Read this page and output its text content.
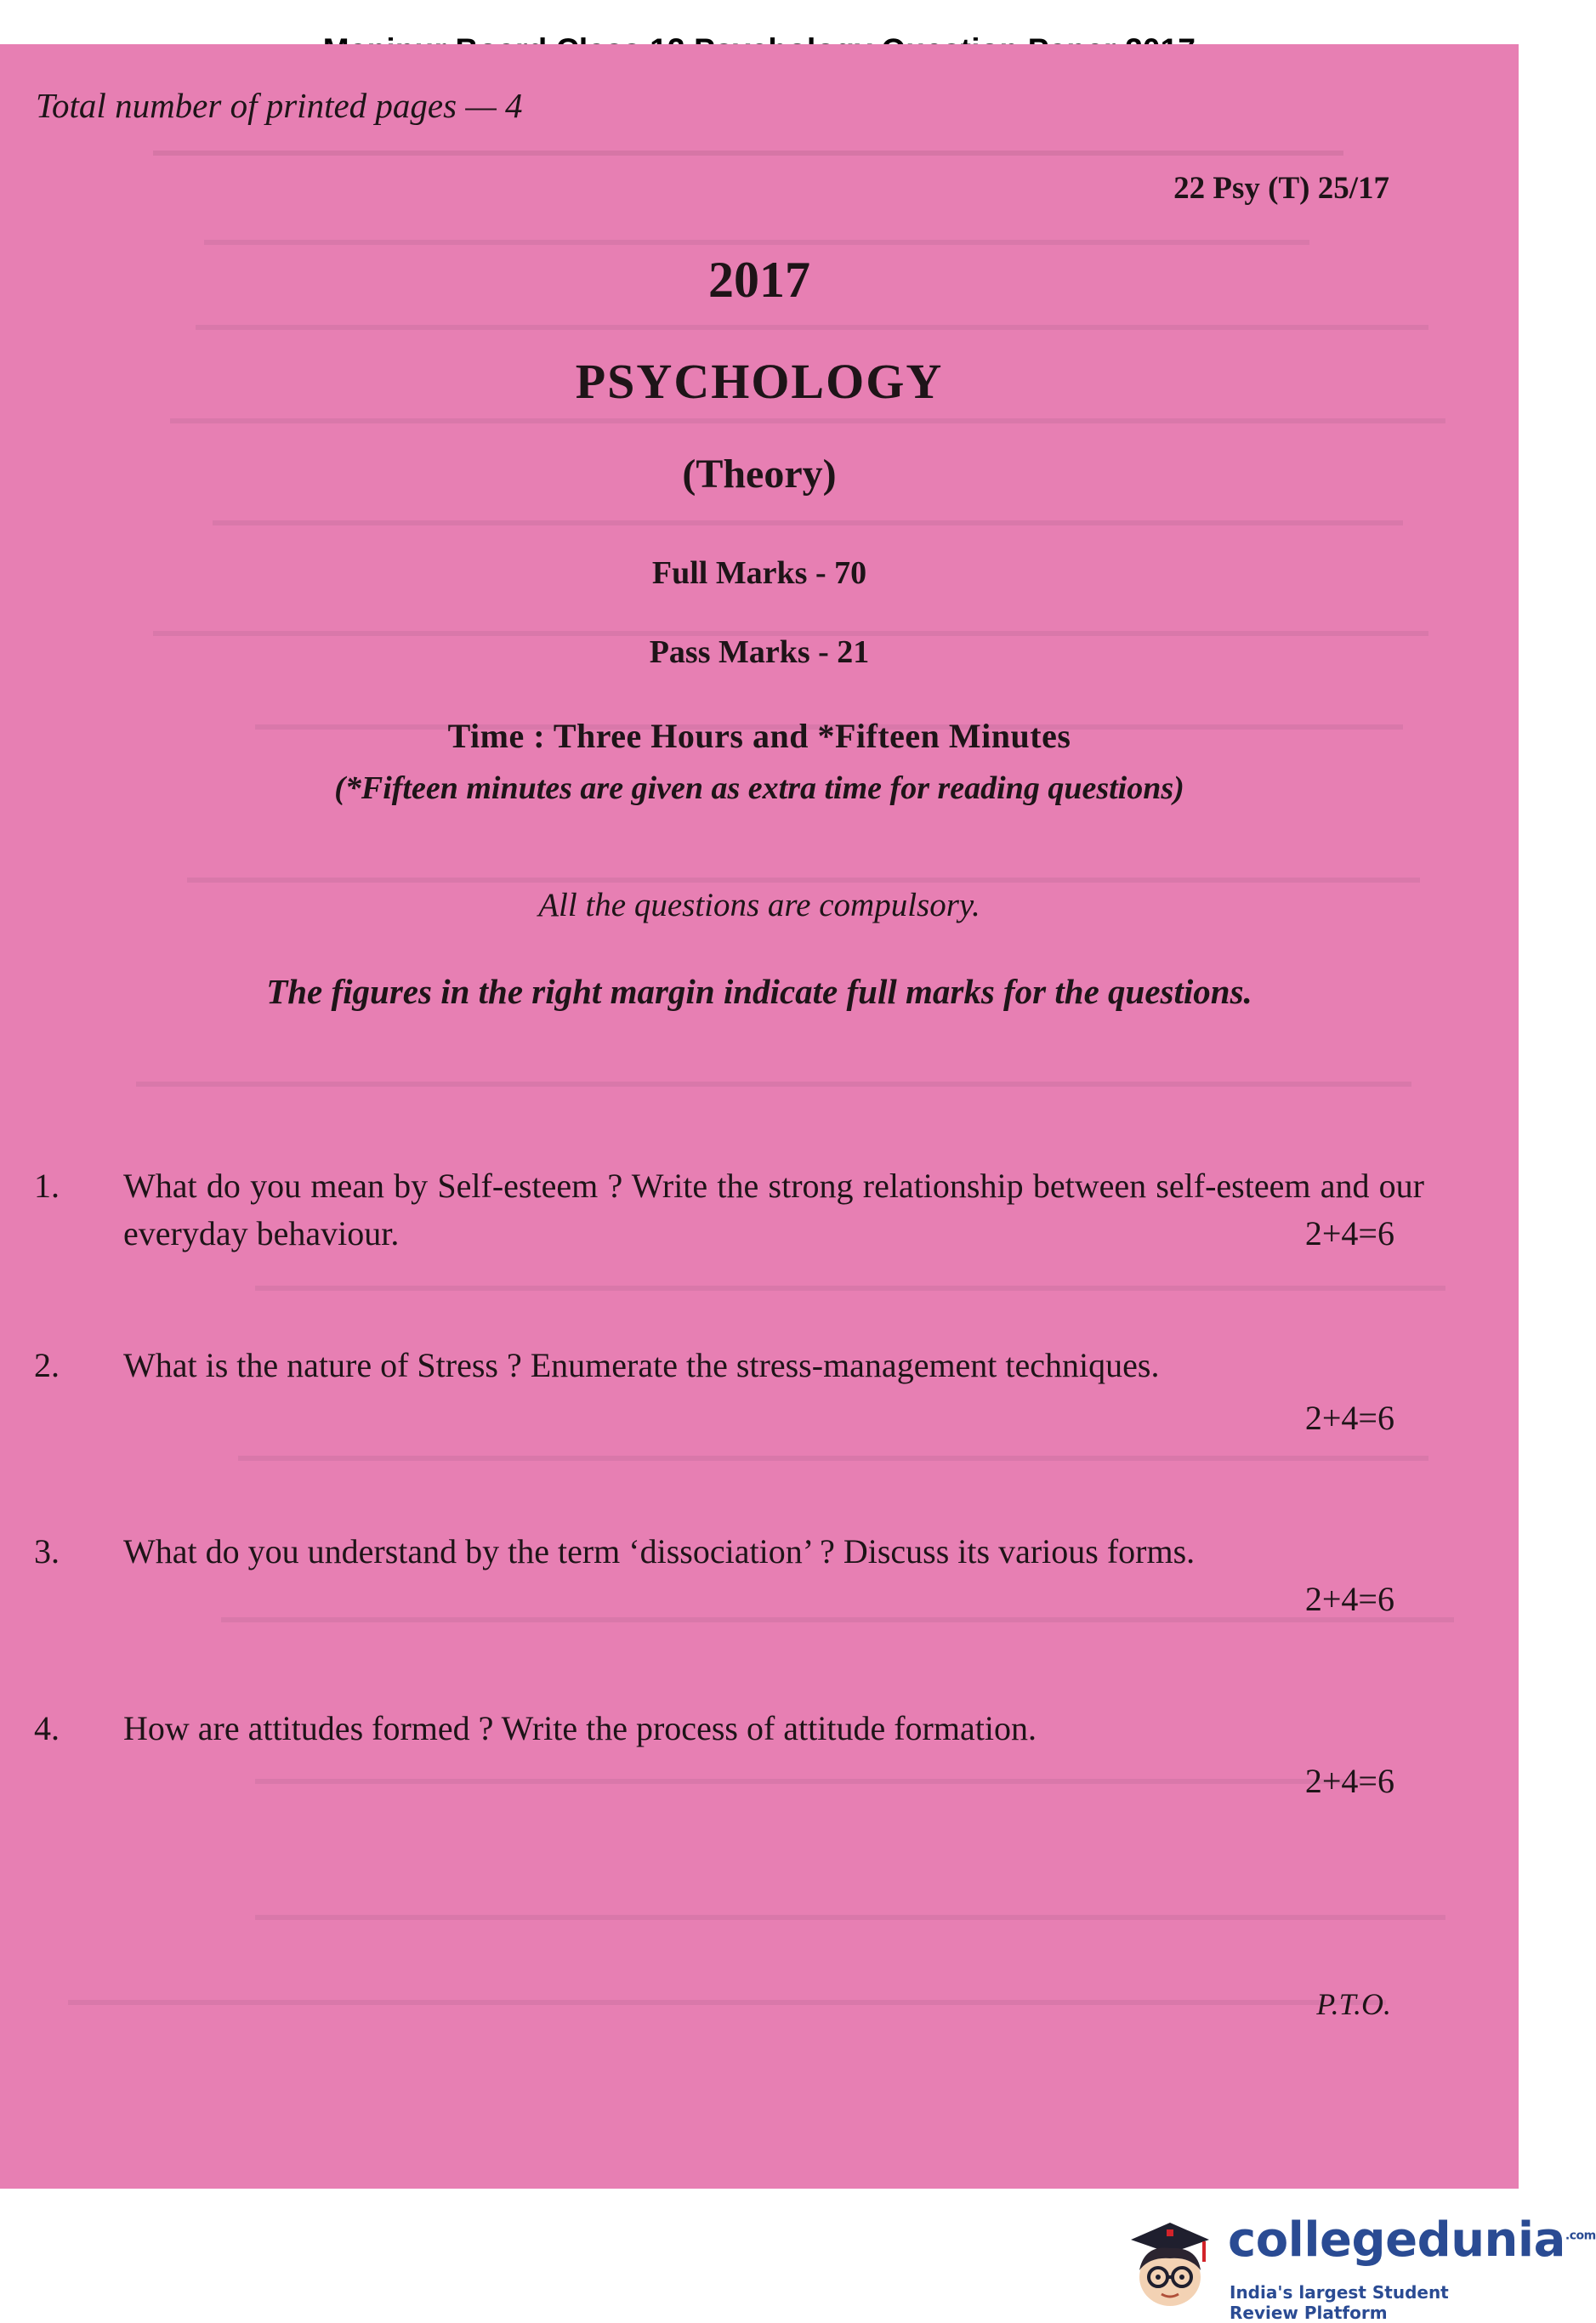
Total number of printed pages — 4
22 Psy (T) 25/17
2017
PSYCHOLOGY
(Theory)
Full Marks - 70
Pass Marks - 21
Time : Three Hours and *Fifteen Minutes
(*Fifteen minutes are given as extra time for reading questions)
All the questions are compulsory.
The figures in the right margin indicate full marks for the questions.
1. What do you mean by Self-esteem ? Write the strong relationship between self-esteem and our everyday behaviour.	2+4=6
2. What is the nature of Stress ? Enumerate the stress-management techniques.
2+4=6
3. What do you understand by the term ‘dissociation’ ? Discuss its various forms.
2+4=6
4. How are attitudes formed ? Write the process of attitude formation.
2+4=6
P.T.O.
collegedunia$^{.com}$
India's largest Student Review Platform
